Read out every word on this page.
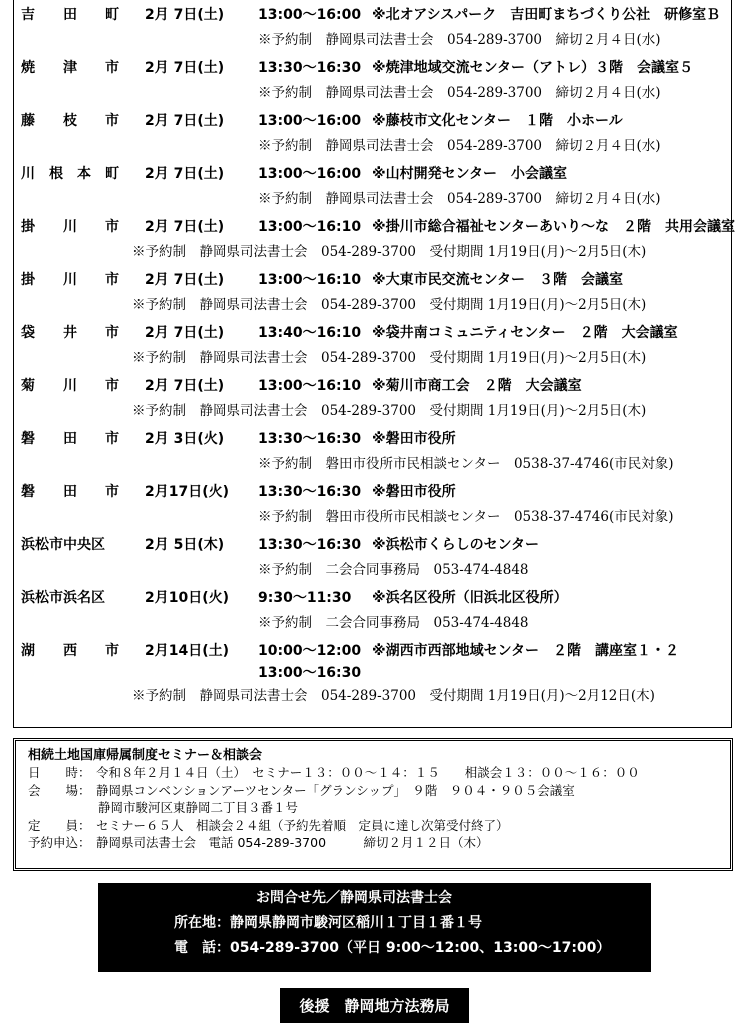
吉 田 町 2月 7日(土) 13:00～16:00 ※北オアシスパーク　吉田町まちづくり公社　研修室Ｂ
※予約制　静岡県司法書士会　054-289-3700　締切２月４日(水)
焼 津 市 2月 7日(土) 13:30～16:30 ※焼津地域交流センター（アトレ）３階　会議室５
※予約制　静岡県司法書士会　054-289-3700　締切２月４日(水)
藤 枝 市 2月 7日(土) 13:00～16:00 ※藤枝市文化センター　１階　小ホール
※予約制　静岡県司法書士会　054-289-3700　締切２月４日(水)
川 根 本 町 2月 7日(土) 13:00～16:00 ※山村開発センター　小会議室
※予約制　静岡県司法書士会　054-289-3700　締切２月４日(水)
掛 川 市 2月 7日(土) 13:00～16:10 ※掛川市総合福祉センターあいり～な　２階　共用会議室
※予約制　静岡県司法書士会　054-289-3700　受付期間 1月19日(月)～2月5日(木)
掛 川 市 2月 7日(土) 13:00～16:10 ※大東市民交流センター　３階　会議室
※予約制　静岡県司法書士会　054-289-3700　受付期間 1月19日(月)～2月5日(木)
袋 井 市 2月 7日(土) 13:40～16:10 ※袋井南コミュニティセンター　２階　大会議室
※予約制　静岡県司法書士会　054-289-3700　受付期間 1月19日(月)～2月5日(木)
菊 川 市 2月 7日(土) 13:00～16:10 ※菊川市商工会　２階　大会議室
※予約制　静岡県司法書士会　054-289-3700　受付期間 1月19日(月)～2月5日(木)
磐 田 市 2月 3日(火) 13:30～16:30 ※磐田市役所
※予約制　磐田市役所市民相談センター　0538-37-4746(市民対象)
磐 田 市 2月17日(火) 13:30～16:30 ※磐田市役所
※予約制　磐田市役所市民相談センター　0538-37-4746(市民対象)
浜松市中央区	2月 5日(木) 13:30～16:30 ※浜松市くらしのセンター
※予約制　二会合同事務局　053-474-4848
浜松市浜名区	2月10日(火) 9:30～11:30 ※浜名区役所（旧浜北区役所）
※予約制　二会合同事務局　053-474-4848
湖 西 市 2月14日(土) 10:00～12:00 ※湖西市西部地域センター　２階　講座室１・２
13:00～16:30
※予約制　静岡県司法書士会　054-289-3700　受付期間 1月19日(月)～2月12日(木)
相続土地国庫帰属制度セミナー＆相談会
日　　時： 令和８年２月１４日（土）　セミナー１３：００～１４：１５　　相談会１３：００～１６：００
会　　場： 静岡県コンベンションアーツセンター「グランシップ」　９階　９０４・９０５会議室
静岡市駿河区東静岡二丁目３番１号
定　　員： セミナー６５人　相談会２４組（予約先着順　定員に達し次第受付終了）
予約申込： 静岡県司法書士会　電話 054-289-3700　　　締切２月１２日（木）
お問合せ先／静岡県司法書士会
所在地：静岡県静岡市駿河区稲川１丁目１番１号
電　話：054-289-3700（平日 9:00～12:00、13:00～17:00）
後援　静岡地方法務局
